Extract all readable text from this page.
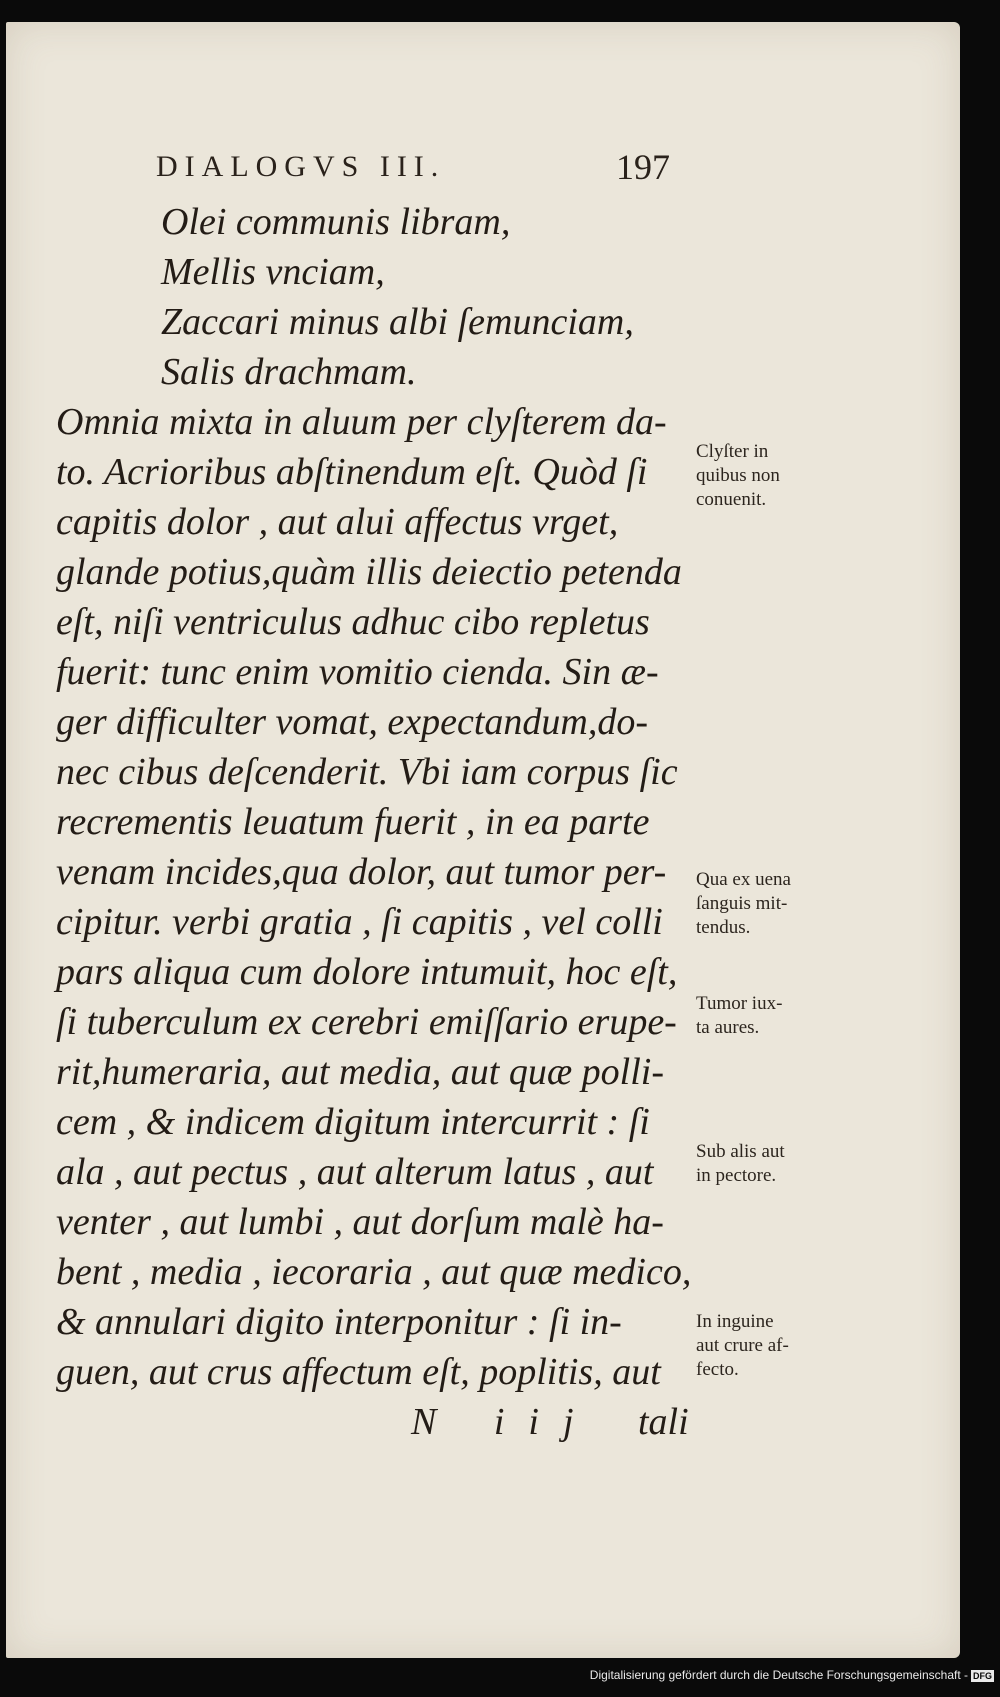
DIALOGVS III.	197
Olei communis libram,
Mellis vnciam,
Zaccari minus albi ſemunciam,
Salis drachmam.
Omnia mixta in aluum per clyſterem da-
to. Acrioribus abſtinendum eſt. Quòd ſi
capitis dolor , aut alui affectus vrget,
glande potius,quàm illis deiectio petenda
eſt, niſi ventriculus adhuc cibo repletus
fuerit: tunc enim vomitio cienda. Sin æ-
ger difficulter vomat, expectandum,do-
nec cibus deſcenderit. Vbi iam corpus ſic
recrementis leuatum fuerit , in ea parte
venam incides,qua dolor, aut tumor per-
cipitur. verbi gratia , ſi capitis , vel colli
pars aliqua cum dolore intumuit, hoc eſt,
ſi tuberculum ex cerebri emiſſario erupe-
rit,humeraria, aut media, aut quæ polli-
cem , & indicem digitum intercurrit : ſi
ala , aut pectus , aut alterum latus , aut
venter , aut lumbi , aut dorſum malè ha-
bent , media , iecoraria , aut quæ medico,
& annulari digito interponitur : ſi in-
guen, aut crus affectum eſt, poplitis, aut
N iij tali
Clyſter in
quibus non
conuenit.
Qua ex uena
ſanguis mit-
tendus.
Tumor iux-
ta aures.
Sub alis aut
in pectore.
In inguine
aut crure af-
fecto.
Digitalisierung gefördert durch die Deutsche Forschungsgemeinschaft - DFG
